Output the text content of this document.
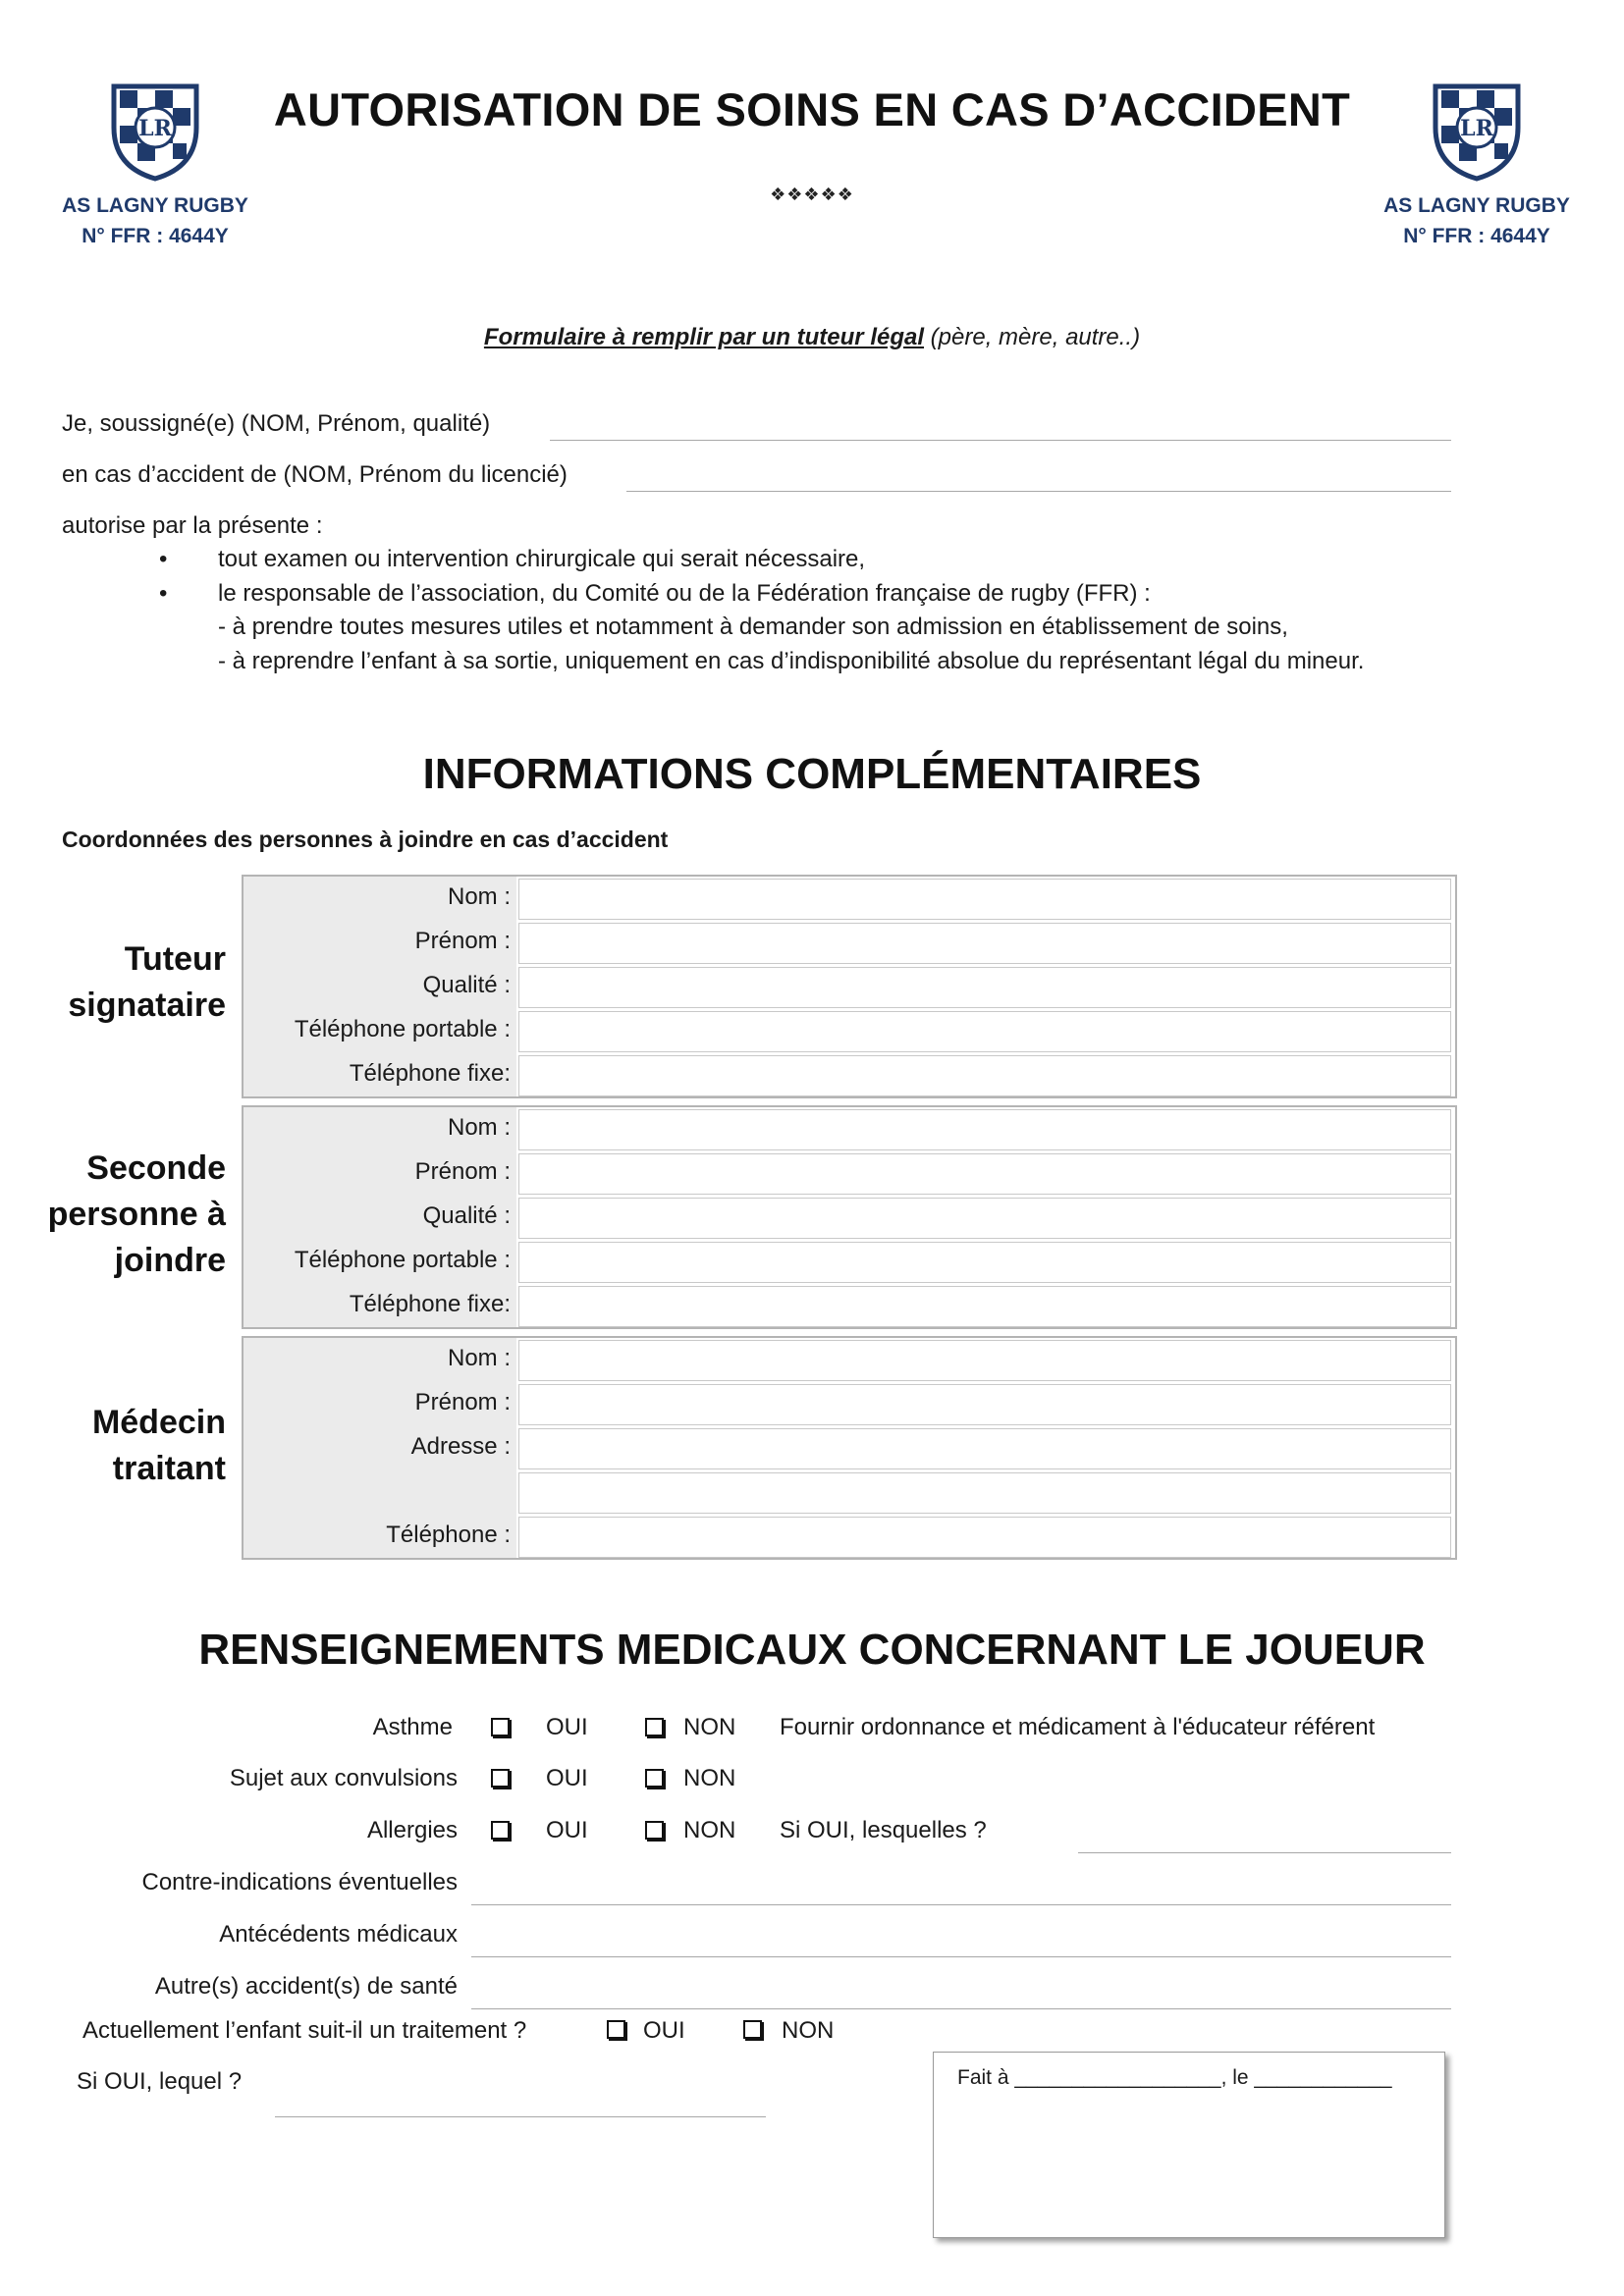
LR
AS LAGNY RUGBY
N° FFR : 4644Y
LR
AS LAGNY RUGBY
N° FFR : 4644Y
AUTORISATION DE SOINS EN CAS D’ACCIDENT
❖❖❖❖❖
Formulaire à remplir par un tuteur légal (père, mère, autre..)
Je, soussigné(e) (NOM, Prénom, qualité)
en cas d’accident de (NOM, Prénom du licencié)
autorise par la présente :
• tout examen ou intervention chirurgicale qui serait nécessaire,
• le responsable de l’association, du Comité ou de la Fédération française de rugby (FFR) :
- à prendre toutes mesures utiles et notamment à demander son admission en établissement de soins,
- à reprendre l’enfant à sa sortie, uniquement en cas d’indisponibilité absolue du représentant légal du mineur.
INFORMATIONS COMPLÉMENTAIRES
Coordonnées des personnes à joindre en cas d’accident
Tuteur
signataire
Nom :
Prénom :
Qualité :
Téléphone portable :
Téléphone fixe:
Seconde
personne à
joindre
Nom :
Prénom :
Qualité :
Téléphone portable :
Téléphone fixe:
Médecin
traitant
Nom :
Prénom :
Adresse :
Téléphone :
RENSEIGNEMENTS MEDICAUX CONCERNANT LE JOUEUR
Asthme	OUI	NON Fournir ordonnance et médicament à l'éducateur référent
Sujet aux convulsions	OUI	NON
Allergies	OUI	NON Si OUI, lesquelles ?
Contre-indications éventuelles
Antécédents médicaux
Autre(s) accident(s) de santé
Actuellement l’enfant suit-il un traitement ?	OUI	NON
Si OUI, lequel ?	Fait à __________________, le ____________
